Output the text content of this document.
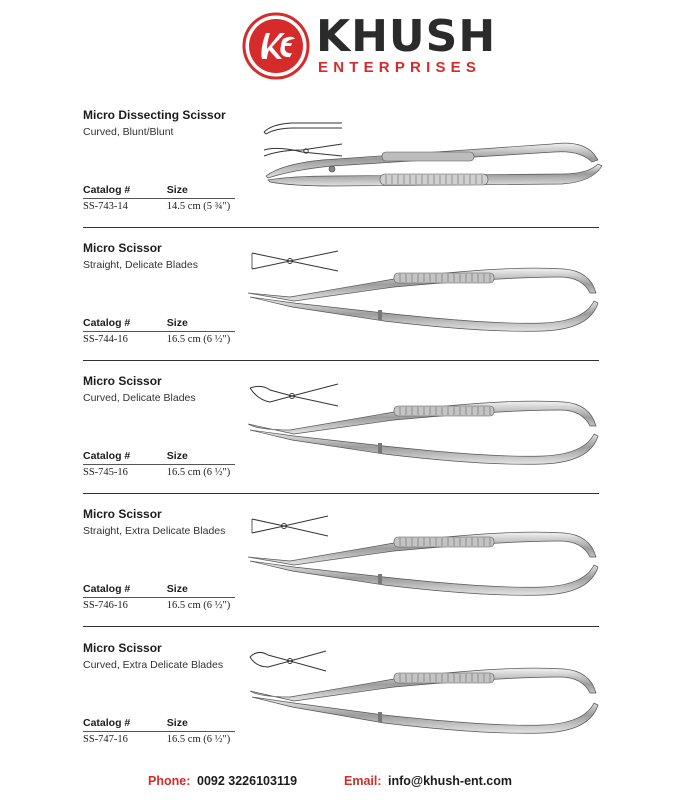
KHUSH
ENTERPRISES
Micro Dissecting Scissor
Curved, Blunt/Blunt
Catalog #	Size
SS-743-14	14.5 cm (5 ¾")
Micro Scissor
Straight, Delicate Blades
Catalog #	Size
SS-744-16	16.5 cm (6 ½")
Micro Scissor
Curved, Delicate Blades
Catalog #	Size
SS-745-16	16.5 cm (6 ½")
Micro Scissor
Straight, Extra Delicate Blades
Catalog #	Size
SS-746-16	16.5 cm (6 ½")
Micro Scissor
Curved, Extra Delicate Blades
Catalog #	Size
SS-747-16	16.5 cm (6 ½")
Phone: 0092 3226103119	Email: info@khush-ent.com
